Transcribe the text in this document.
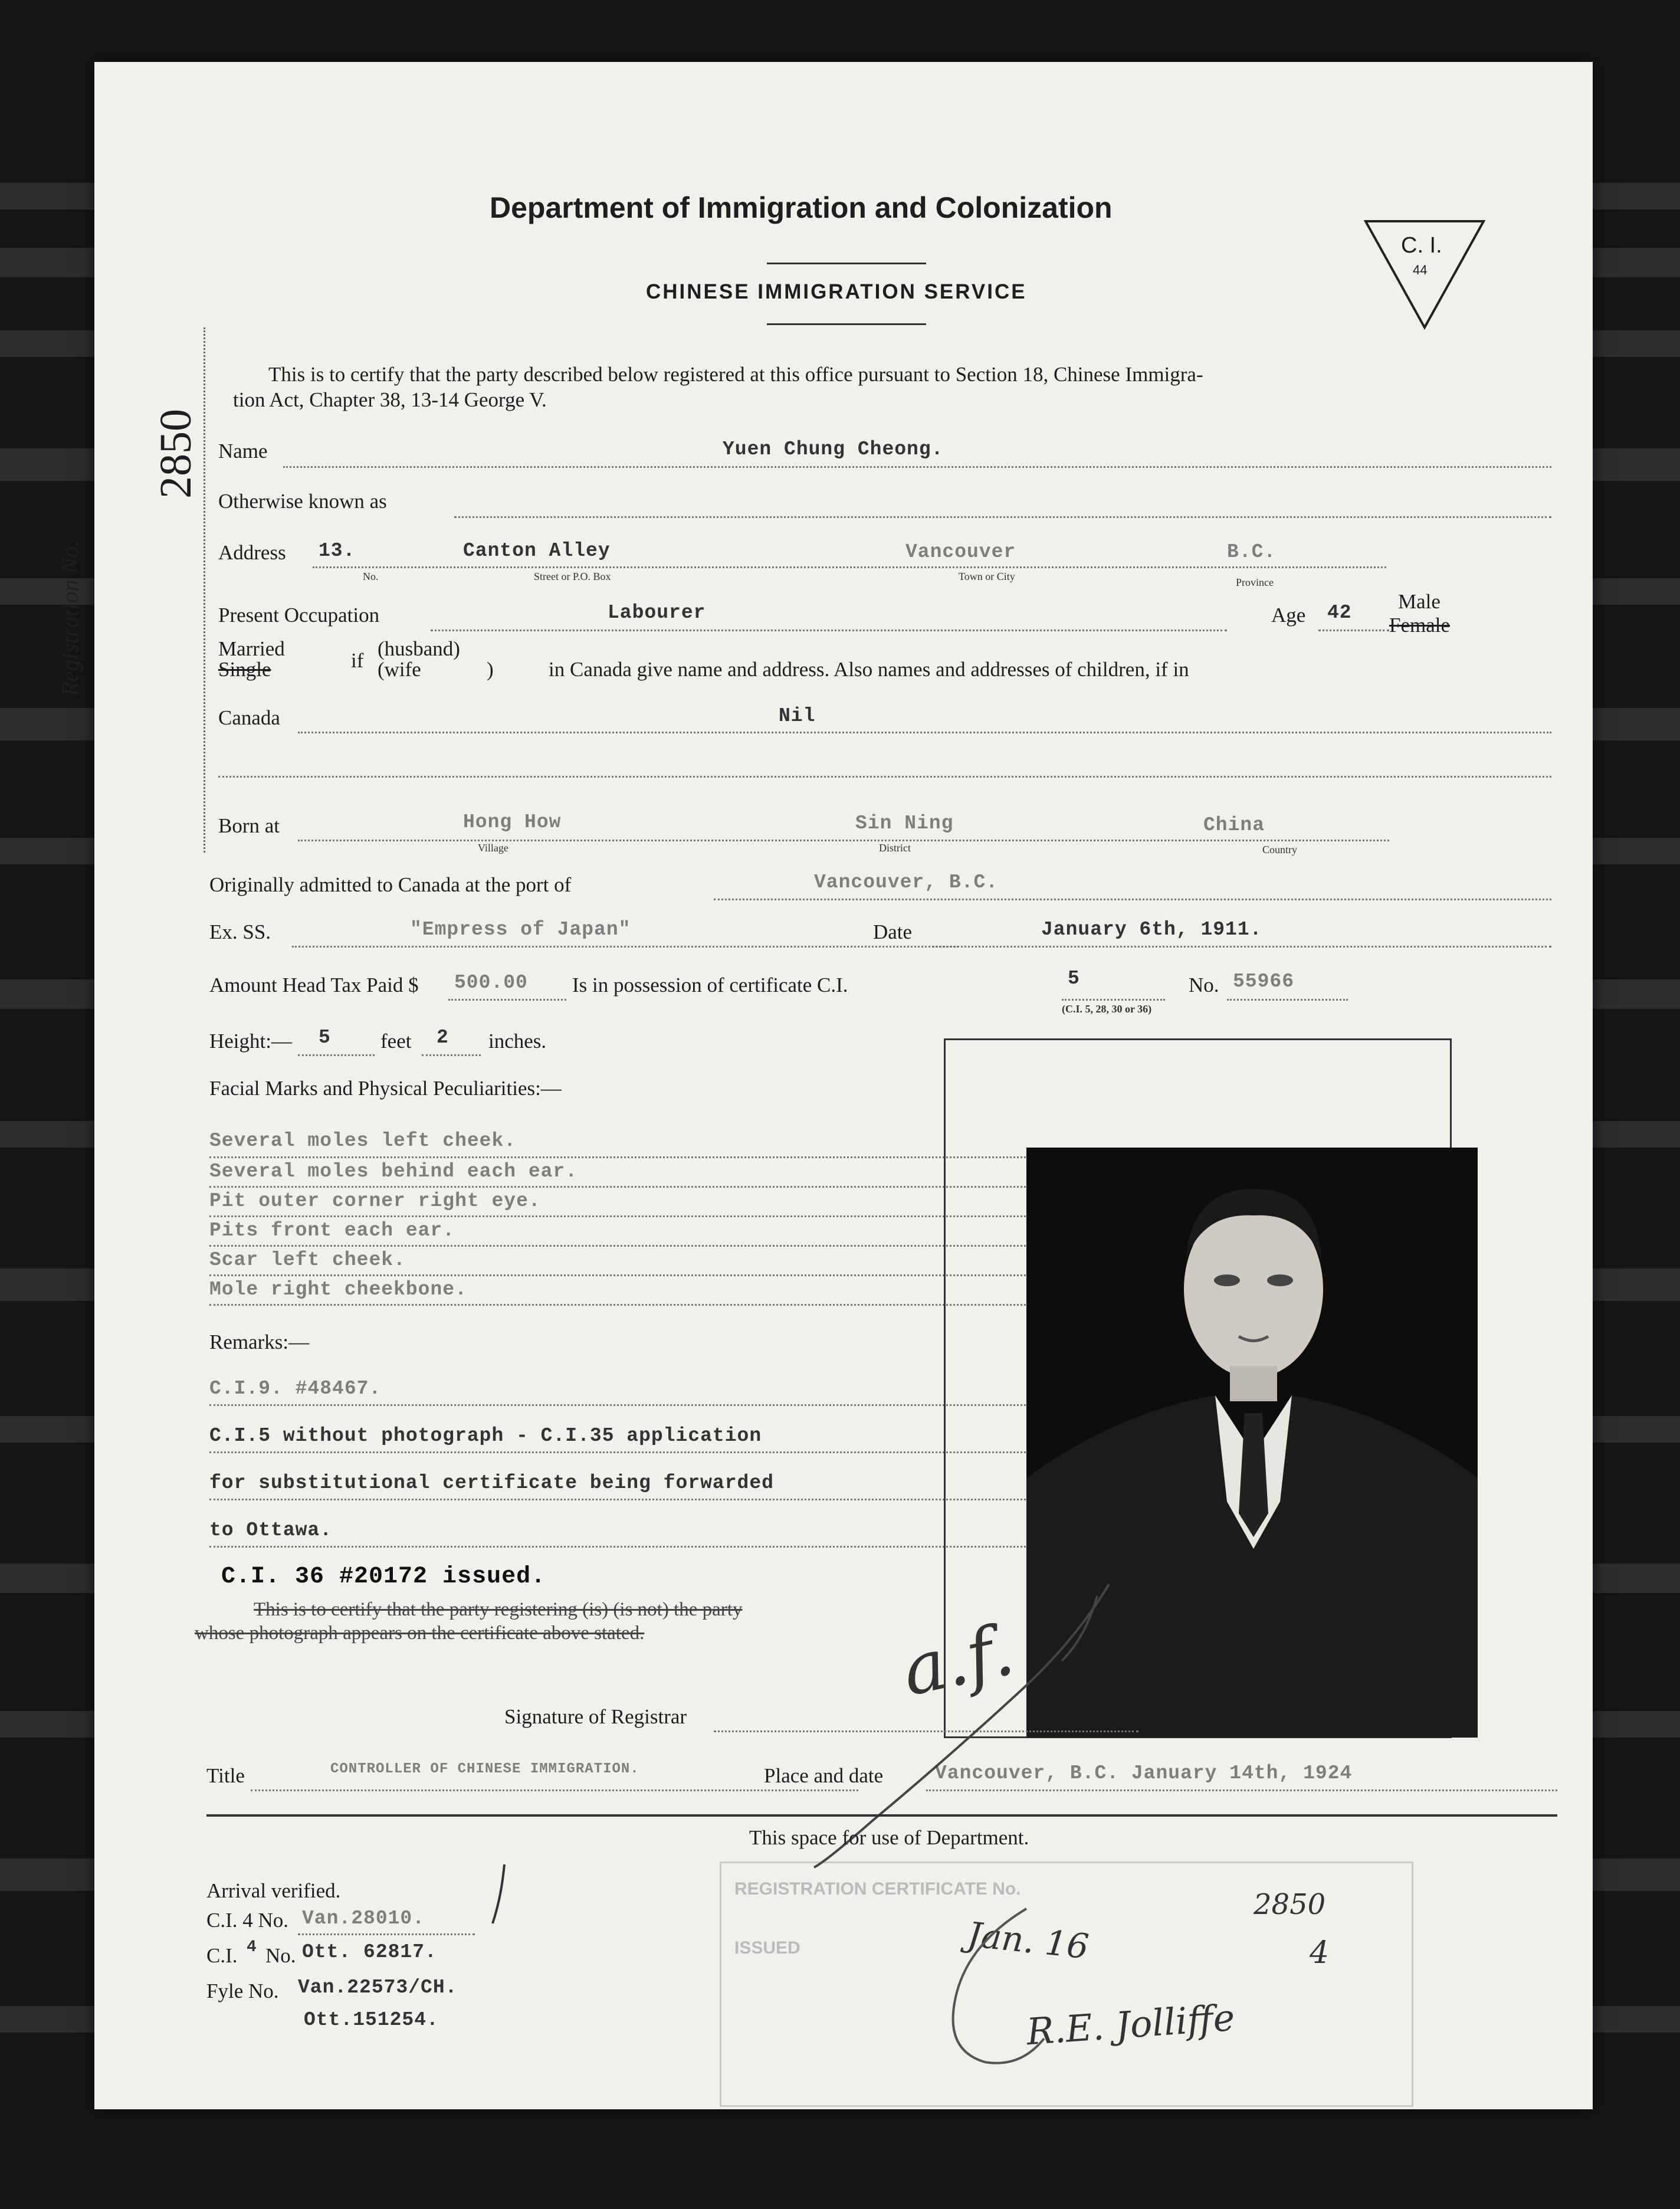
Department of Immigration and Colonization
CHINESE IMMIGRATION SERVICE
C. I.
44
Registration No.
2850
This is to certify that the party described below registered at this office pursuant to Section 18, Chinese Immigra-
tion Act, Chapter 38, 13-14 George V.
Name	Yuen Chung Cheong.
Otherwise known as
Address 13.
No.
Canton Alley
Street or P.O. Box
Vancouver
Town or City
B.C.
Province
Present Occupation	Labourer	Age 42 Male
Female
Married
Single	if
(husband)
(wife	)	in Canada give name and address. Also names and addresses of children, if in
Canada	Nil
Born at	Hong How
Village
Sin Ning
District
China
Country
Originally admitted to Canada at the port of	Vancouver, B.C.
Ex. SS.	"Empress of Japan"	Date	January 6th, 1911.
Amount Head Tax Paid $ 500.00 Is in possession of certificate C.I.	5	No. 55966
(C.I. 5, 28, 30 or 36)
Height:— 5 feet 2 inches.
Facial Marks and Physical Peculiarities:—
Several moles left cheek.
Several moles behind each ear.
Pit outer corner right eye.
Pits front each ear.
Scar left cheek.
Mole right cheekbone.
Remarks:—
C.I.9. #48467.
C.I.5 without photograph - C.I.35 application
for substitutional certificate being forwarded
to Ottawa.
C.I. 36 #20172 issued.
This is to certify that the party registering (is) (is not) the party
whose photograph appears on the certificate above stated.
Signature of Registrar
a.f.
Title	CONTROLLER OF CHINESE IMMIGRATION.	Place and date	Vancouver, B.C. January 14th, 1924
This space for use of Department.
Arrival verified.
C.I. 4 No. Van.28010.
C.I. 4 No. Ott. 62817.
Fyle No. Van.22573/CH.
Ott.151254.
REGISTRATION CERTIFICATE No.	2850
ISSUED	Jan. 16	4
R.E. Jolliffe
